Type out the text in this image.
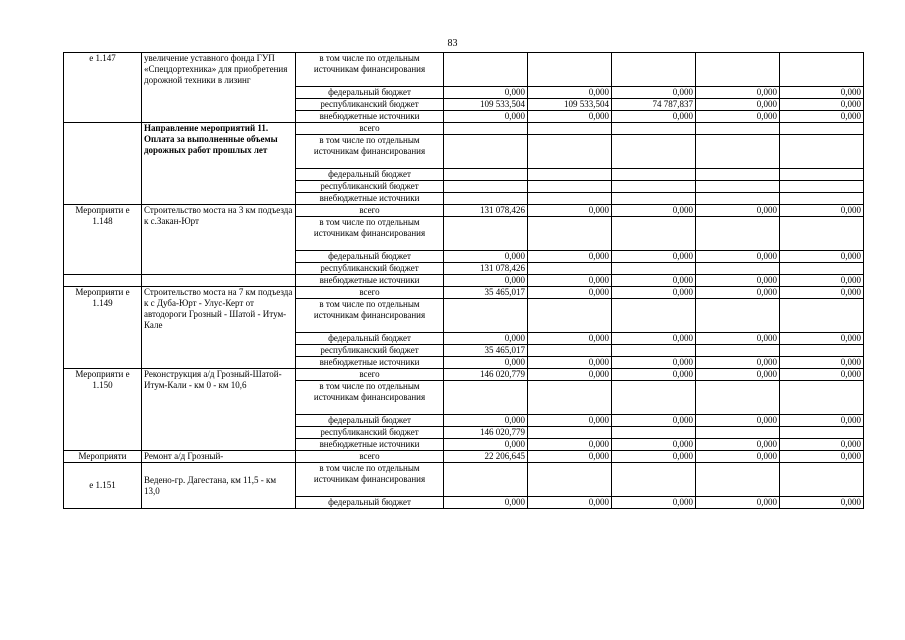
83
е 1.147	увеличение уставного фонда ГУП «Спецдортехника» для приобретения дорожной техники в лизинг	в том числе по отдельным источникам финансирования					
		федеральный бюджет	0,000	0,000	0,000	0,000	0,000
		республиканский бюджет	109 533,504	109 533,504	74 787,837	0,000	0,000
		внебюджетные источники	0,000	0,000	0,000	0,000	0,000
	Направление мероприятий 11. Оплата за выполненные объемы дорожных работ прошлых лет	всего					
		в том числе по отдельным источникам финансирования					
		федеральный бюджет					
		республиканский бюджет					
		внебюджетные источники					
Мероприяти е 1.148	Строительство моста на 3 км подъезда к с.Закан-Юрт	всего	131 078,426	0,000	0,000	0,000	0,000
		в том числе по отдельным источникам финансирования					
		федеральный бюджет	0,000	0,000	0,000	0,000	0,000
		республиканский бюджет	131 078,426				
		внебюджетные источники	0,000	0,000	0,000	0,000	0,000
Мероприяти е 1.149	Строительство моста на 7 км подъезда к с Дуба-Юрт - Улус-Керт от автодороги Грозный - Шатой - Итум-Кале	всего	35 465,017	0,000	0,000	0,000	0,000
		в том числе по отдельным источникам финансирования					
		федеральный бюджет	0,000	0,000	0,000	0,000	0,000
		республиканский бюджет	35 465,017				
		внебюджетные источники	0,000	0,000	0,000	0,000	0,000
Мероприяти е 1.150	Реконструкция а/д Грозный-Шатой-Итум-Кали - км 0 - км 10,6	всего	146 020,779	0,000	0,000	0,000	0,000
		в том числе по отдельным источникам финансирования					
		федеральный бюджет	0,000	0,000	0,000	0,000	0,000
		республиканский бюджет	146 020,779				
		внебюджетные источники	0,000	0,000	0,000	0,000	0,000
Мероприяти	Ремонт а/д Грозный-	всего	22 206,645	0,000	0,000	0,000	0,000
е 1.151	Ведено-гр. Дагестана, км 11,5 - км 13,0	в том числе по отдельным источникам финансирования					
		федеральный бюджет	0,000	0,000	0,000	0,000	0,000
